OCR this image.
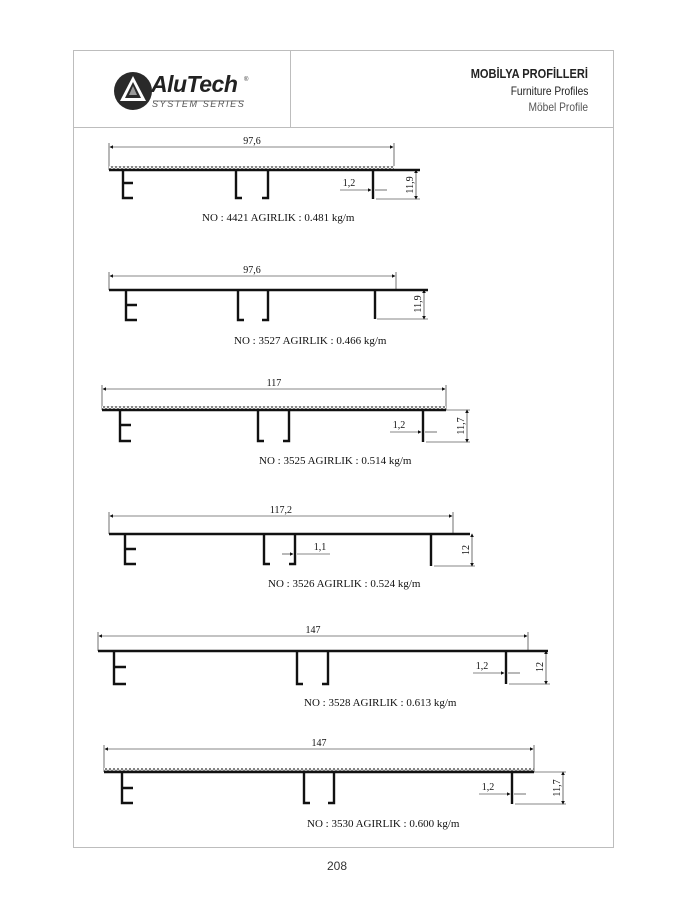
AluTech ®
SYSTEM SERIES
MOBİLYA PROFİLLERİ
Furniture Profiles
Möbel Profile
97,6
1,2	11,9
97,6
11,9
117
1,2	11,7
117,2
1,1	12
147
1,2	12
147
1,2	11,7
NO : 4421 AGIRLIK : 0.481 kg/m
NO : 3527 AGIRLIK : 0.466 kg/m
NO : 3525 AGIRLIK : 0.514 kg/m
NO : 3526 AGIRLIK : 0.524 kg/m
NO : 3528 AGIRLIK : 0.613 kg/m
NO : 3530 AGIRLIK : 0.600 kg/m
208
